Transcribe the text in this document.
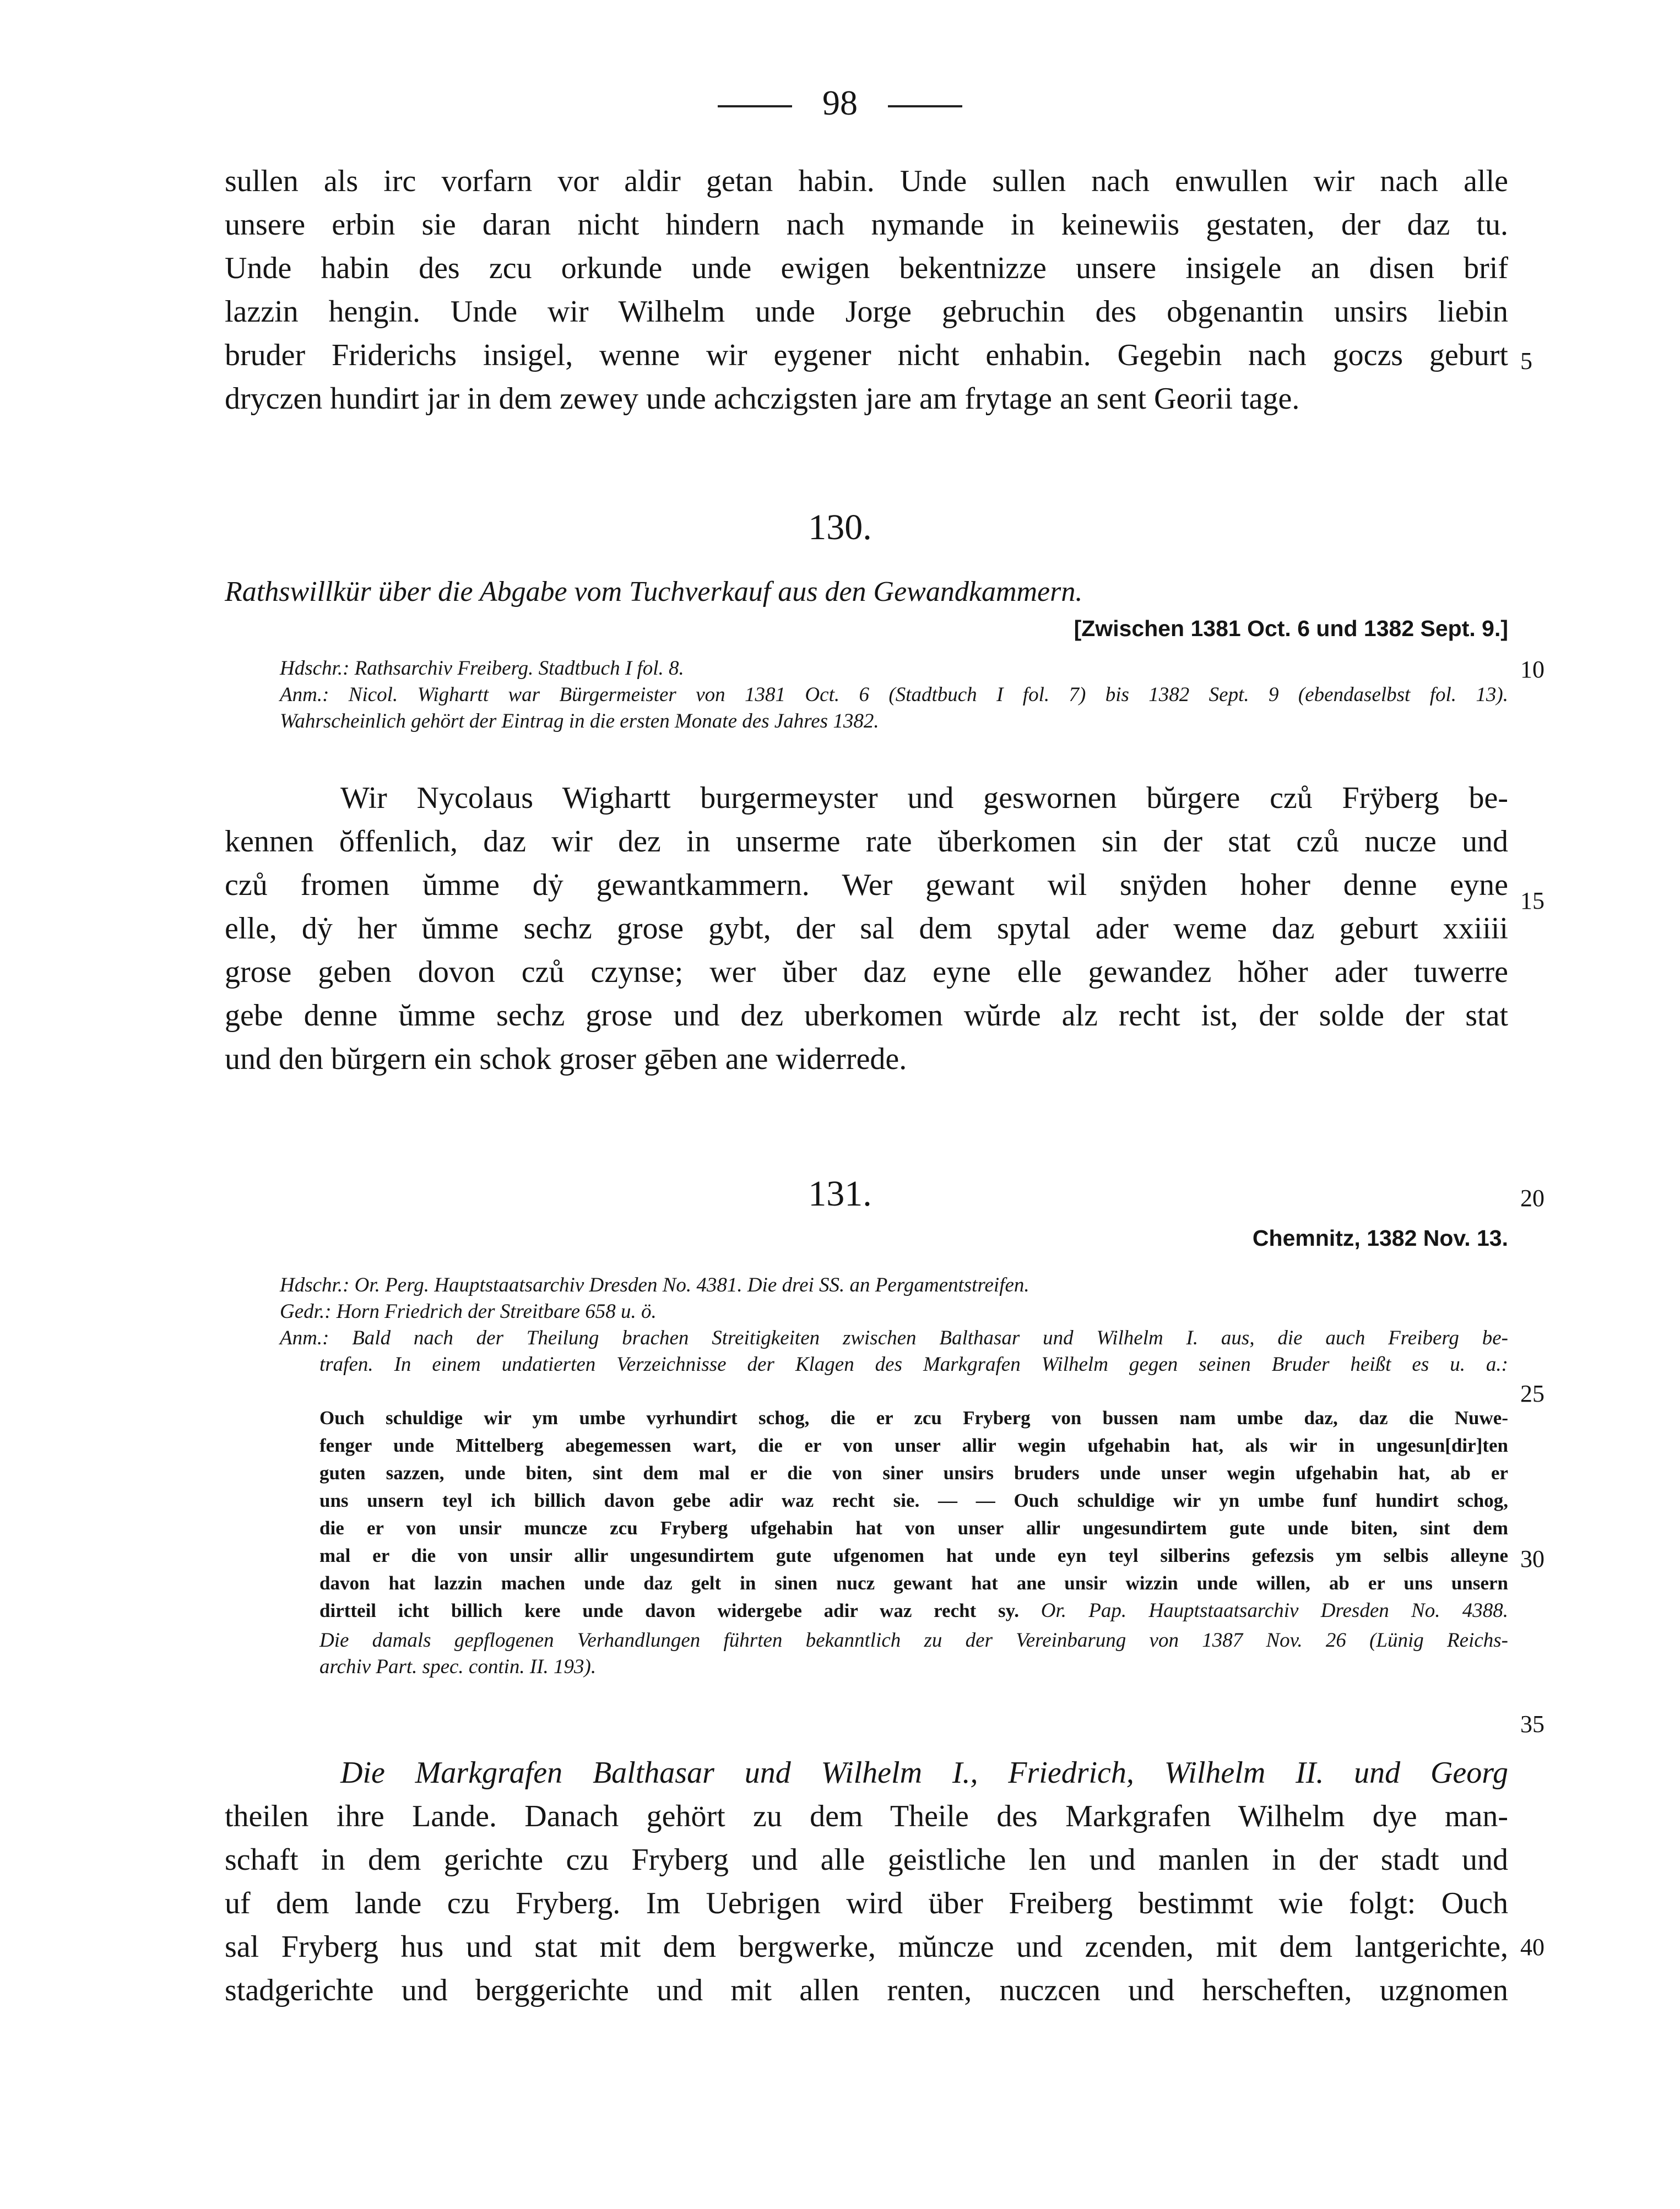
98
sullen als irc vorfarn vor aldir getan habin. Unde sullen nach enwullen wir nach alle
unsere erbin sie daran nicht hindern nach nymande in keinewiis gestaten, der daz tu.
Unde habin des zcu orkunde unde ewigen bekentnizze unsere insigele an disen brif
lazzin hengin. Unde wir Wilhelm unde Jorge gebruchin des obgenantin unsirs liebin
bruder Friderichs insigel, wenne wir eygener nicht enhabin. Gegebin nach goczs geburt
dryczen hundirt jar in dem zewey unde achczigsten jare am frytage an sent Georii tage.
5
130.
Rathswillkür über die Abgabe vom Tuchverkauf aus den Gewandkammern.
[Zwischen 1381 Oct. 6 und 1382 Sept. 9.]
Hdschr.: Rathsarchiv Freiberg. Stadtbuch I fol. 8.
Anm.: Nicol. Wighartt war Bürgermeister von 1381 Oct. 6 (Stadtbuch I fol. 7) bis 1382 Sept. 9 (ebendaselbst fol. 13).
Wahrscheinlich gehört der Eintrag in die ersten Monate des Jahres 1382.
10
Wir Nycolaus Wighartt burgermeyster und geswornen bŭrgere czů Frÿberg be-
kennen ŏffenlich, daz wir dez in unserme rate ŭberkomen sin der stat czů nucze und
czů fromen ŭmme dẏ gewantkammern. Wer gewant wil snÿden hoher denne eyne
elle, dẏ her ŭmme sechz grose gybt, der sal dem spytal ader weme daz geburt xxiiii
grose geben dovon czů czynse; wer ŭber daz eyne elle gewandez hŏher ader tuwerre
gebe denne ŭmme sechz grose und dez uberkomen wŭrde alz recht ist, der solde der stat
und den bŭrgern ein schok groser gēben ane widerrede.
15
131.	20
Chemnitz, 1382 Nov. 13.
Hdschr.: Or. Perg. Hauptstaatsarchiv Dresden No. 4381. Die drei SS. an Pergamentstreifen.
Gedr.: Horn Friedrich der Streitbare 658 u. ö.
Anm.: Bald nach der Theilung brachen Streitigkeiten zwischen Balthasar und Wilhelm I. aus, die auch Freiberg be-
trafen. In einem undatierten Verzeichnisse der Klagen des Markgrafen Wilhelm gegen seinen Bruder heißt es u. a.:
25
Ouch schuldige wir ym umbe vyrhundirt schog, die er zcu Fryberg von bussen nam umbe daz, daz die Nuwe-
fenger unde Mittelberg abegemessen wart, die er von unser allir wegin ufgehabin hat, als wir in ungesun[dir]ten
guten sazzen, unde biten, sint dem mal er die von siner unsirs bruders unde unser wegin ufgehabin hat, ab er
uns unsern teyl ich billich davon gebe adir waz recht sie. — — Ouch schuldige wir yn umbe funf hundirt schog,
die er von unsir muncze zcu Fryberg ufgehabin hat von unser allir ungesundirtem gute unde biten, sint dem
mal er die von unsir allir ungesundirtem gute ufgenomen hat unde eyn teyl silberins gefezsis ym selbis alleyne
davon hat lazzin machen unde daz gelt in sinen nucz gewant hat ane unsir wizzin unde willen, ab er uns unsern
dirtteil icht billich kere unde davon widergebe adir waz recht sy. Or. Pap. Hauptstaatsarchiv Dresden No. 4388.
30
Die damals gepflogenen Verhandlungen führten bekanntlich zu der Vereinbarung von 1387 Nov. 26 (Lünig Reichs-
archiv Part. spec. contin. II. 193).
35
Die Markgrafen Balthasar und Wilhelm I., Friedrich, Wilhelm II. und Georg
theilen ihre Lande. Danach gehört zu dem Theile des Markgrafen Wilhelm dye man-
schaft in dem gerichte czu Fryberg und alle geistliche len und manlen in der stadt und
uf dem lande czu Fryberg. Im Uebrigen wird über Freiberg bestimmt wie folgt: Ouch
sal Fryberg hus und stat mit dem bergwerke, mŭncze und zcenden, mit dem lantgerichte,
stadgerichte und berggerichte und mit allen renten, nuczcen und herscheften, uzgnomen
40
